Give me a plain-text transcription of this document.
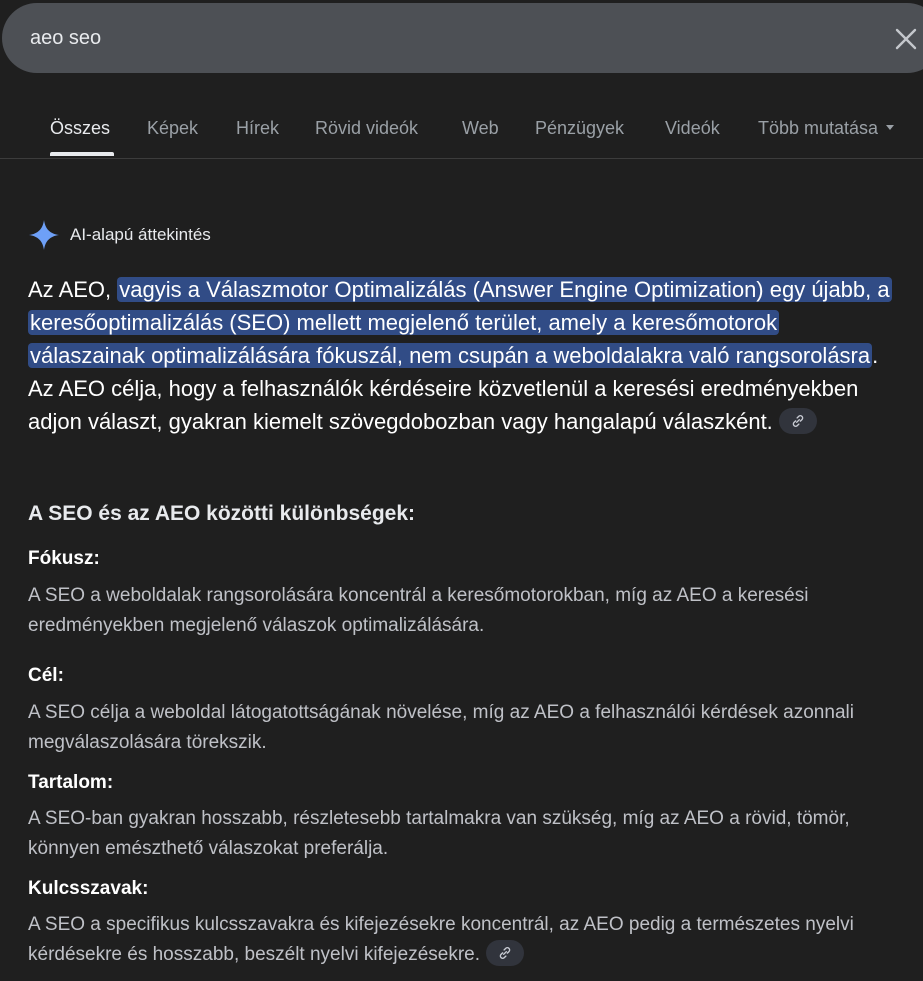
aeo seo
Összes Képek Hírek Rövid videók Web Pénzügyek Videók Több mutatása
AI-alapú áttekintés
Az AEO, vagyis a Válaszmotor Optimalizálás (Answer Engine Optimization) egy újabb, a keresőoptimalizálás (SEO) mellett megjelenő terület, amely a keresőmotorok válaszainak optimalizálására fókuszál, nem csupán a weboldalakra való rangsorolásra. Az AEO célja, hogy a felhasználók kérdéseire közvetlenül a keresési eredményekben adjon választ, gyakran kiemelt szövegdobozban vagy hangalapú válaszként.
A SEO és az AEO közötti különbségek:
Fókusz:
A SEO a weboldalak rangsorolására koncentrál a keresőmotorokban, míg az AEO a keresési eredményekben megjelenő válaszok optimalizálására.
Cél:
A SEO célja a weboldal látogatottságának növelése, míg az AEO a felhasználói kérdések azonnali megválaszolására törekszik.
Tartalom:
A SEO-ban gyakran hosszabb, részletesebb tartalmakra van szükség, míg az AEO a rövid, tömör, könnyen emészthető válaszokat preferálja.
Kulcsszavak:
A SEO a specifikus kulcsszavakra és kifejezésekre koncentrál, az AEO pedig a természetes nyelvi kérdésekre és hosszabb, beszélt nyelvi kifejezésekre.
